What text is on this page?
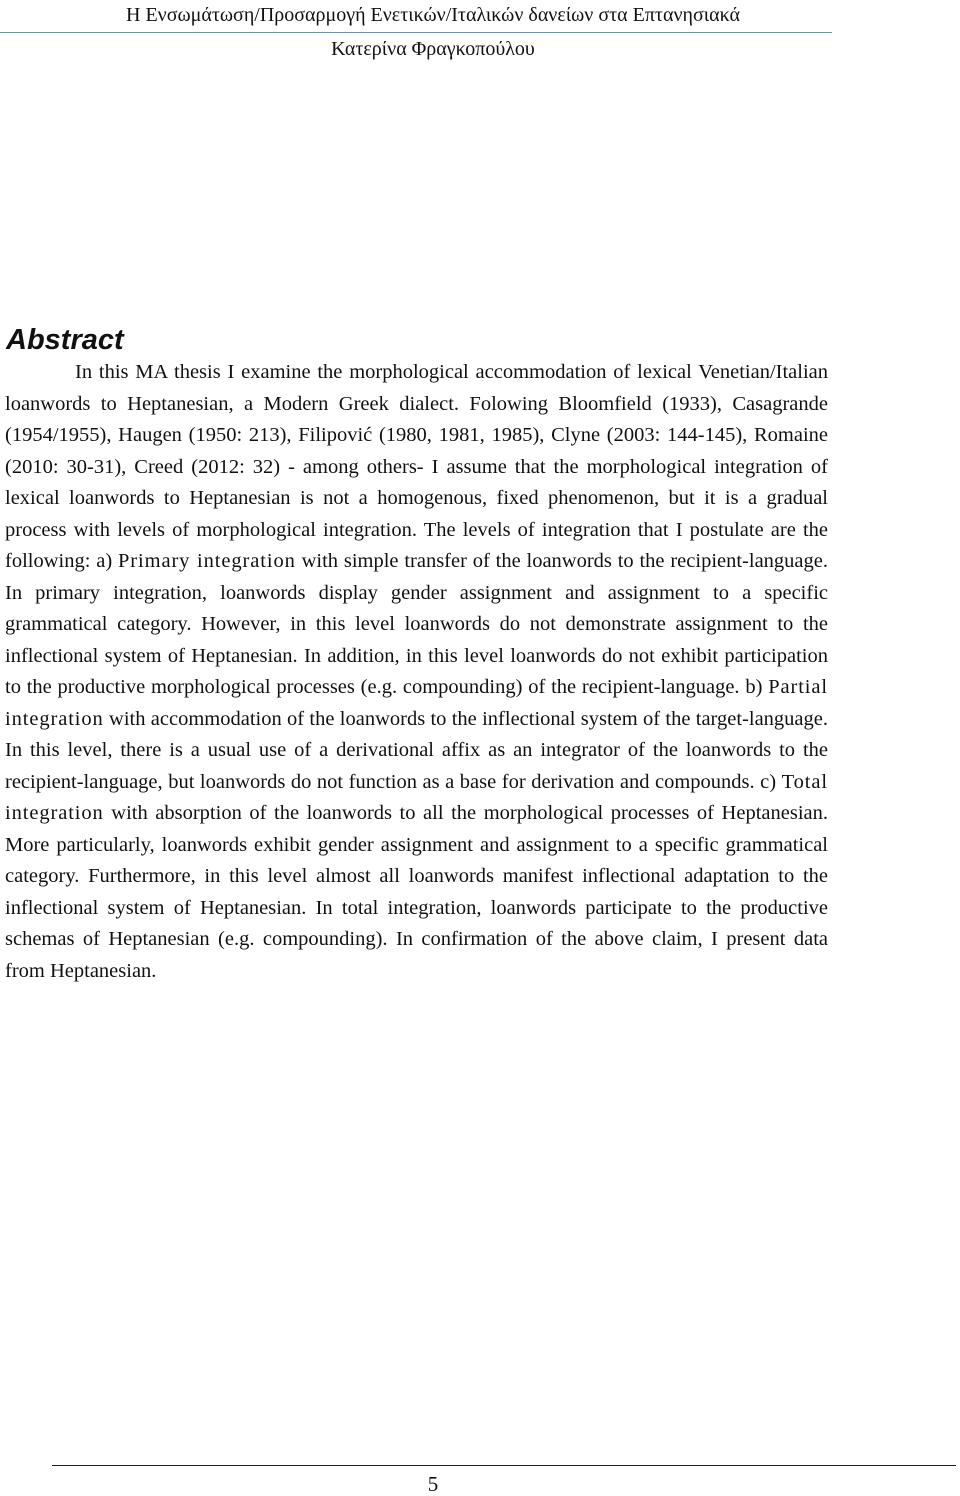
Η Ενσωμάτωση/Προσαρμογή Ενετικών/Ιταλικών δανείων στα Επτανησιακά
Κατερίνα Φραγκοπούλου
Abstract

In this MA thesis I examine the morphological accommodation of lexical Venetian/Italian loanwords to Heptanesian, a Modern Greek dialect. Folowing Bloomfield (1933), Casagrande (1954/1955), Haugen (1950: 213), Filipović (1980, 1981, 1985), Clyne (2003: 144-145), Romaine (2010: 30-31), Creed (2012: 32) - among others- I assume that the morphological integration of lexical loanwords to Heptanesian is not a homogenous, fixed phenomenon, but it is a gradual process with levels of morphological integration. The levels of integration that I postulate are the following: a) Primary integration with simple transfer of the loanwords to the recipient-language. In primary integration, loanwords display gender assignment and assignment to a specific grammatical category. However, in this level loanwords do not demonstrate assignment to the inflectional system of Heptanesian. In addition, in this level loanwords do not exhibit participation to the productive morphological processes (e.g. compounding) of the recipient-language. b) Partial integration with accommodation of the loanwords to the inflectional system of the target-language. In this level, there is a usual use of a derivational affix as an integrator of the loanwords to the recipient-language, but loanwords do not function as a base for derivation and compounds. c) Total integration with absorption of the loanwords to all the morphological processes of Heptanesian. More particularly, loanwords exhibit gender assignment and assignment to a specific grammatical category. Furthermore, in this level almost all loanwords manifest inflectional adaptation to the inflectional system of Heptanesian. In total integration, loanwords participate to the productive schemas of Heptanesian (e.g. compounding). In confirmation of the above claim, I present data from Heptanesian.

5
